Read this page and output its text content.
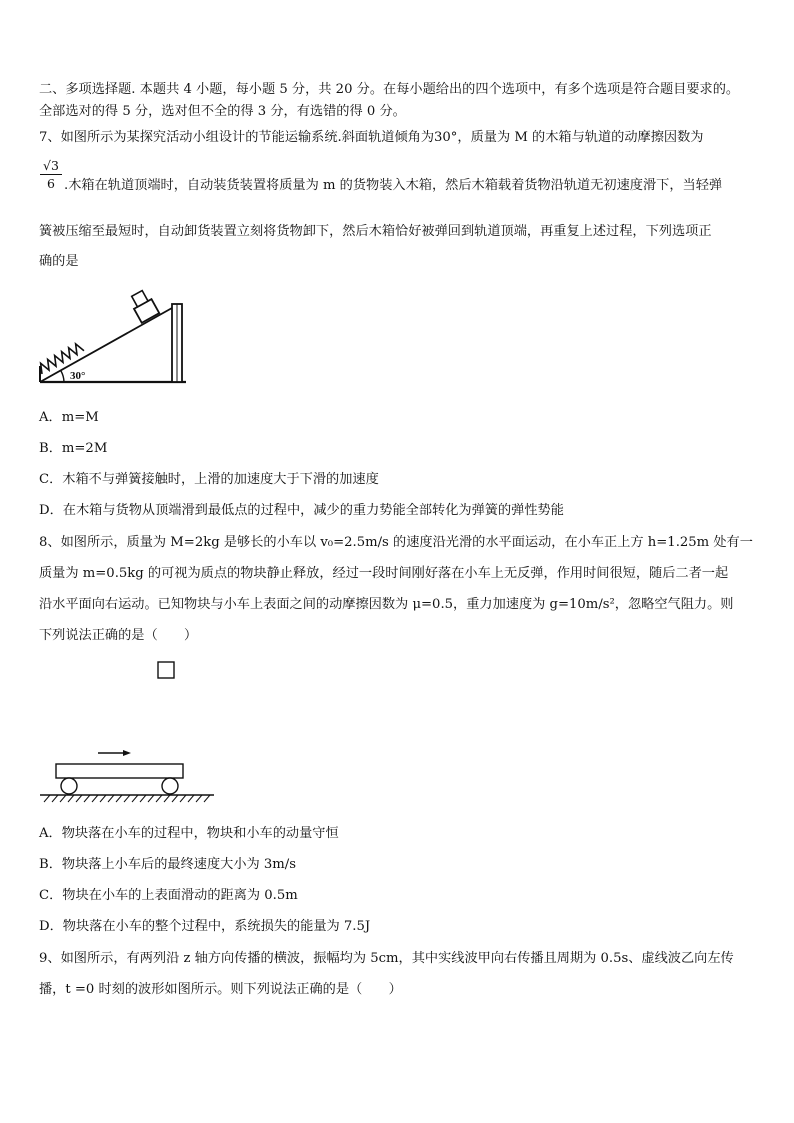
二、多项选择题. 本题共 4 小题，每小题 5 分，共 20 分。在每小题给出的四个选项中，有多个选项是符合题目要求的。
全部选对的得 5 分，选对但不全的得 3 分，有选错的得 0 分。
7、如图所示为某探究活动小组设计的节能运输系统.斜面轨道倾角为30°，质量为 M 的木箱与轨道的动摩擦因数为
$\frac{√3}{6}$ .木箱在轨道顶端时，自动装货装置将质量为 m 的货物装入木箱，然后木箱载着货物沿轨道无初速度滑下，当轻弹
簧被压缩至最短时，自动卸货装置立刻将货物卸下，然后木箱恰好被弹回到轨道顶端，再重复上述过程，下列选项正
确的是
30°
A．m=M
B．m=2M
C．木箱不与弹簧接触时，上滑的加速度大于下滑的加速度
D．在木箱与货物从顶端滑到最低点的过程中，减少的重力势能全部转化为弹簧的弹性势能
8、如图所示，质量为 M=2kg 是够长的小车以 v₀=2.5m/s 的速度沿光滑的水平面运动，在小车正上方 h=1.25m 处有一
质量为 m=0.5kg 的可视为质点的物块静止释放，经过一段时间刚好落在小车上无反弹，作用时间很短，随后二者一起
沿水平面向右运动。已知物块与小车上表面之间的动摩擦因数为 μ=0.5，重力加速度为 g=10m/s²，忽略空气阻力。则
下列说法正确的是（　　）
A．物块落在小车的过程中，物块和小车的动量守恒
B．物块落上小车后的最终速度大小为 3m/s
C．物块在小车的上表面滑动的距离为 0.5m
D．物块落在小车的整个过程中，系统损失的能量为 7.5J
9、如图所示，有两列沿 z 轴方向传播的横波，振幅均为 5cm，其中实线波甲向右传播且周期为 0.5s、虚线波乙向左传
播，t =0 时刻的波形如图所示。则下列说法正确的是（　　）
